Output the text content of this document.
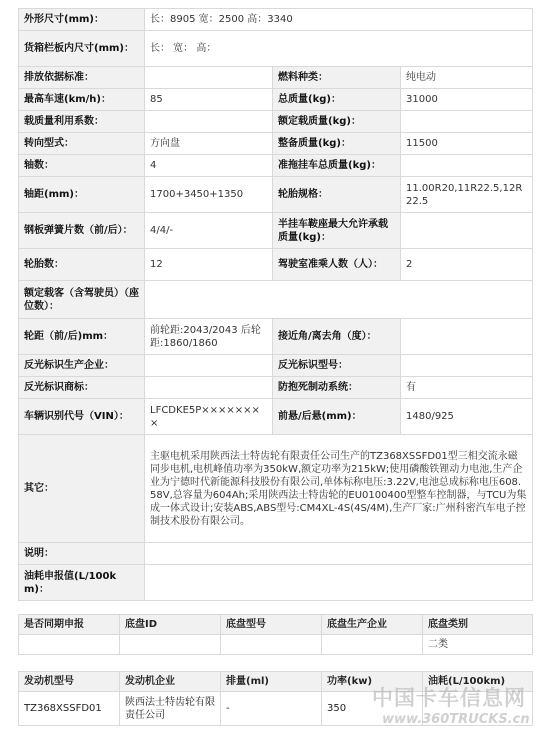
外形尺寸(mm)：	长：8905 宽：2500 高：3340		
货箱栏板内尺寸(mm)：	长： 宽： 高：		
排放依据标准：		燃料种类：	纯电动
最高车速(km/h)：	85	总质量(kg)：	31000
载质量利用系数：		额定载质量(kg)：	
转向型式：	方向盘	整备质量(kg)：	11500
轴数：	4	准拖挂车总质量(kg)：	
轴距(mm)：	1700+3450+1350	轮胎规格：	11.00R20,11R22.5,12R22.5
钢板弹簧片数（前/后）：	4/4/-	半挂车鞍座最大允许承载质量(kg)：	
轮胎数：	12	驾驶室准乘人数（人）：	2
额定载客（含驾驶员）（座位数）：			
轮距（前/后)mm：	前轮距:2043/2043 后轮距:1860/1860	接近角/离去角（度）：	
反光标识生产企业：		反光标识型号：	
反光标识商标：		防抱死制动系统：	有
车辆识别代号（VIN）：	LFCDKE5P××××××××	前悬/后悬(mm)：	1480/925
其它：	主驱电机采用陕西法士特齿轮有限责任公司生产的TZ368XSSFD01型三相交流永磁同步电机,电机峰值功率为350kW,额定功率为215kW;使用磷酸铁锂动力电池,生产企业为宁德时代新能源科技股份有限公司,单体标称电压:3.22V,电池总成标称电压608.58V,总容量为604Ah;采用陕西法士特齿轮的EU0100400型整车控制器，与TCU为集成一体式设计;安装ABS,ABS型号:CM4XL-4S(4S/4M),生产厂家:广州科密汽车电子控制技术股份有限公司。		
说明：			
油耗申报值(L/100km)：			
是否同期申报	底盘ID	底盘型号	底盘生产企业	底盘类别
				二类
发动机型号	发动机企业	排量(ml)	功率(kw)	油耗(L/100km)
TZ368XSSFD01	陕西法士特齿轮有限责任公司	-	350	中国卡车信息网
www.360TRUCKS.cn
